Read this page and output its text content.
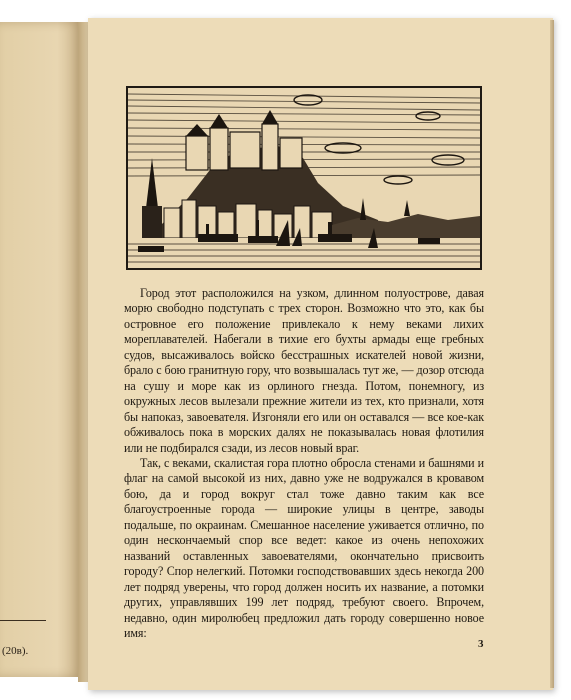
(20в).

Город этот расположился на узком, длинном полуострове, давая морю свободно подступать с трех сторон. Возможно что это, как бы островное его положение привлекало к нему веками лихих мореплавателей. Набегали в тихие его бухты армады еще гребных судов, высаживалось войско бесстрашных искателей новой жизни, брало с бою гранитную гору, что возвышалась тут же, — дозор отсюда на сушу и море как из орлиного гнезда. Потом, понемногу, из окружных лесов вылезали прежние жители из тех, кто признали, хотя бы напоказ, завоевателя. Изгоняли его или он оставался — все кое-как обживалось пока в морских далях не показывалась новая флотилия или не подбирался сзади, из лесов новый враг.

Так, с веками, скалистая гора плотно обросла стенами и башнями и флаг на самой высокой из них, давно уже не водружался в кровавом бою, да и город вокруг стал тоже давно таким как все благоустроенные города — широкие улицы в центре, заводы подальше, по окраинам. Смешанное население уживается отлично, по один нескончаемый спор все ведет: какое из очень непохожих названий оставленных завоевателями, окончательно присвоить городу? Спор нелегкий. Потомки господствовавших здесь некогда 200 лет подряд уверены, что город должен носить их название, а потомки других, управлявших 199 лет подряд, требуют своего. Впрочем, недавно, один миролюбец предложил дать городу совершенно новое имя:

3
